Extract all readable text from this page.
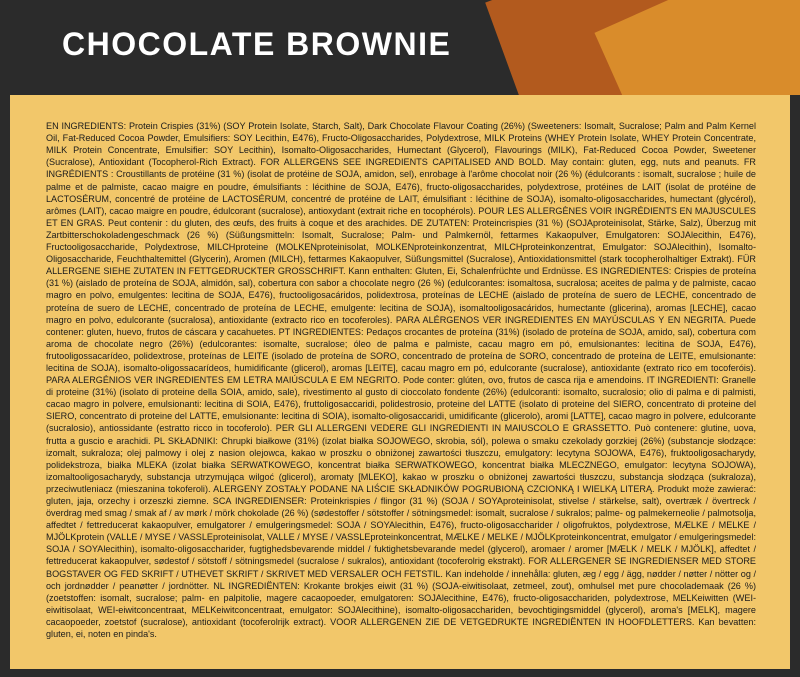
CHOCOLATE BROWNIE

EN INGREDIENTS: Protein Crispies (31%) (SOY Protein Isolate, Starch, Salt), Dark Chocolate Flavour Coating (26%) (Sweeteners: Isomalt, Sucralose; Palm and Palm Kernel Oil, Fat-Reduced Cocoa Powder, Emulsifiers: SOY Lecithin, E476), Fructo-Oligosaccharides, Polydextrose, MILK Proteins (WHEY Protein Isolate, WHEY Protein Concentrate, MILK Protein Concentrate, Emulsifier: SOY Lecithin), Isomalto-Oligosaccharides, Humectant (Glycerol), Flavourings (MILK), Fat-Reduced Cocoa Powder, Sweetener (Sucralose), Antioxidant (Tocopherol-Rich Extract). FOR ALLERGENS SEE INGREDIENTS CAPITALISED AND BOLD. May contain: gluten, egg, nuts and peanuts. FR INGRÉDIENTS : Croustillants de protéine (31 %) (isolat de protéine de SOJA, amidon, sel), enrobage à l'arôme chocolat noir (26 %) (édulcorants : isomalt, sucralose ; huile de palme et de palmiste, cacao maigre en poudre, émulsifiants : lécithine de SOJA, E476), fructo-oligosaccharides, polydextrose, protéines de LAIT (isolat de protéine de LACTOSÉRUM, concentré de protéine de LACTOSÉRUM, concentré de protéine de LAIT, émulsifiant : lécithine de SOJA), isomalto-oligosaccharides, humectant (glycérol), arômes (LAIT), cacao maigre en poudre, édulcorant (sucralose), antioxydant (extrait riche en tocophérols). POUR LES ALLERGÈNES VOIR INGRÉDIENTS EN MAJUSCULES ET EN GRAS. Peut contenir : du gluten, des œufs, des fruits à coque et des arachides. DE ZUTATEN: Proteincrispies (31 %) (SOJAproteinisolat, Stärke, Salz), Überzug mit Zartbitterschokoladengeschmack (26 %) (Süßungsmitteln: Isomalt, Sucralose; Palm- und Palmkernöl, fettarmes Kakaopulver, Emulgatoren: SOJAlecithin, E476), Fructooligosaccharide, Polydextrose, MILCHproteine (MOLKENproteinisolat, MOLKENproteinkonzentrat, MILCHproteinkonzentrat, Emulgator: SOJAlecithin), Isomalto-Oligosaccharide, Feuchthaltemittel (Glycerin), Aromen (MILCH), fettarmes Kakaopulver, Süßungsmittel (Sucralose), Antioxidationsmittel (stark tocopherolhaltiger Extrakt). FÜR ALLERGENE SIEHE ZUTATEN IN FETTGEDRUCKTER GROSSCHRIFT. Kann enthalten: Gluten, Ei, Schalenfrüchte und Erdnüsse. ES INGREDIENTES: Crispies de proteína (31 %) (aislado de proteína de SOJA, almidón, sal), cobertura con sabor a chocolate negro (26 %) (edulcorantes: isomaltosa, sucralosa; aceites de palma y de palmiste, cacao magro en polvo, emulgentes: lecitina de SOJA, E476), fructooligosacáridos, polidextrosa, proteínas de LECHE (aislado de proteína de suero de LECHE, concentrado de proteína de suero de LECHE, concentrado de proteína de LECHE, emulgente: lecitina de SOJA), isomaltooligosacáridos, humectante (glicerina), aromas [LECHE], cacao magro en polvo, edulcorante (sucralosa), antioxidante (extracto rico en tocoferoles). PARA ALÉRGENOS VER INGREDIENTES EN MAYÚSCULAS Y EN NEGRITA. Puede contener: gluten, huevo, frutos de cáscara y cacahuetes. PT INGREDIENTES: Pedaços crocantes de proteína (31%) (isolado de proteína de SOJA, amido, sal), cobertura com aroma de chocolate negro (26%) (edulcorantes: isomalte, sucralose; óleo de palma e palmiste, cacau magro em pó, emulsionantes: lecitina de SOJA, E476), frutooligossacarídeo, polidextrose, proteínas de LEITE (isolado de proteína de SORO, concentrado de proteína de SORO, concentrado de proteína de LEITE, emulsionante: lecitina de SOJA), isomalto-oligossacarídeos, humidificante (glicerol), aromas [LEITE], cacau magro em pó, edulcorante (sucralose), antioxidante (extrato rico em tocoferóis). PARA ALERGÉNIOS VER INGREDIENTES EM LETRA MAIÚSCULA E EM NEGRITO. Pode conter: glúten, ovo, frutos de casca rija e amendoins. IT INGREDIENTI: Granelle di proteine (31%) (isolato di proteine della SOIA, amido, sale), rivestimento al gusto di cioccolato fondente (26%) (edulcoranti: isomalto, sucralosio; olio di palma e di palmisti, cacao magro in polvere, emulsionanti: lecitina di SOIA, E476), fruttoligosaccaridi, polidestrosio, proteine del LATTE (isolato di proteine del SIERO, concentrato di proteine del SIERO, concentrato di proteine del LATTE, emulsionante: lecitina di SOIA), isomalto-oligosaccaridi, umidificante (glicerolo), aromi [LATTE], cacao magro in polvere, edulcorante (sucralosio), antiossidante (estratto ricco in tocoferolo). PER GLI ALLERGENI VEDERE GLI INGREDIENTI IN MAIUSCOLO E GRASSETTO. Può contenere: glutine, uova, frutta a guscio e arachidi. PL SKŁADNIKI: Chrupki białkowe (31%) (izolat białka SOJOWEGO, skrobia, sól), polewa o smaku czekolady gorzkiej (26%) (substancje słodzące: izomalt, sukraloza; olej palmowy i olej z nasion olejowca, kakao w proszku o obniżonej zawartości tłuszczu, emulgatory: lecytyna SOJOWA, E476), fruktooligosacharydy, polidekstroza, białka MLEKA (izolat białka SERWATKOWEGO, koncentrat białka SERWATKOWEGO, koncentrat białka MLECZNEGO, emulgator: lecytyna SOJOWA), izomaltooligosacharydy, substancja utrzymująca wilgoć (glicerol), aromaty [MLEKO], kakao w proszku o obniżonej zawartości tłuszczu, substancja słodząca (sukraloza), przeciwutleniacz (mieszanina tokoferoli). ALERGENY ZOSTAŁY PODANE NA LIŚCIE SKŁADNIKÓW POGRUBIONĄ CZCIONKĄ I WIELKĄ LITERĄ. Produkt może zawierać: gluten, jaja, orzechy i orzeszki ziemne. SCA INGREDIENSER: Proteinkrispies / flingor (31 %) (SOJA / SOYAproteinisolat, stivelse / stärkelse, salt), overtræk / övertreck / överdrag med smag / smak af / av mørk / mörk chokolade (26 %) (sødestoffer / sötstoffer / sötningsmedel: isomalt, sucralose / sukralos; palme- og palmekerneolie / palmotsolja, affedtet / fettreducerat kakaopulver, emulgatorer / emulgeringsmedel: SOJA / SOYAlecithin, E476), fructo-oligosaccharider / oligofruktos, polydextrose, MÆLKE / MELKE / MJÖLKprotein (VALLE / MYSE / VASSLEproteinisolat, VALLE / MYSE / VASSLEproteinkoncentrat, MÆLKE / MELKE / MJÖLKproteinkoncentrat, emulgator / emulgeringsmedel: SOJA / SOYAlecithin), isomalto-oligosaccharider, fugtighedsbevarende middel / fuktighetsbevarande medel (glycerol), aromaer / aromer [MÆLK / MELK / MJÖLK], affedtet / fettreducerat kakaopulver, sødestof / sötstoff / sötningsmedel (sucralose / sukralos), antioxidant (tocoferolrig ekstrakt). FOR ALLERGENER SE INGREDIENSER MED STORE BOGSTAVER OG FED SKRIFT / UTHEVET SKRIFT / SKRIVET MED VERSALER OCH FETSTIL. Kan indeholde / innehålla: gluten, æg / egg / ägg, nødder / nøtter / nötter og / och jordnødder / peanøtter / jordnötter. NL INGREDIËNTEN: Krokante brokjes eiwit (31 %) (SOJA-eiwitisolaat, zetmeel, zout), omhulsel met pure chocolademaak (26 %) (zoetstoffen: isomalt, sucralose; palm- en palpitolie, magere cacaopoeder, emulgatoren: SOJAlecithine, E476), fructo-oligosacchariden, polydextrose, MELKeiwitten (WEI-eiwitisolaat, WEI-eiwitconcentraat, MELKeiwitconcentraat, emulgator: SOJAlecithine), isomalto-oligosacchariden, bevochtigingsmiddel (glycerol), aroma's [MELK], magere cacaopoeder, zoetstof (sucralose), antioxidant (tocoferolrijk extract). VOOR ALLERGENEN ZIE DE VETGEDRUKTE INGREDIËNTEN IN HOOFDLETTERS. Kan bevatten: gluten, ei, noten en pinda's.
